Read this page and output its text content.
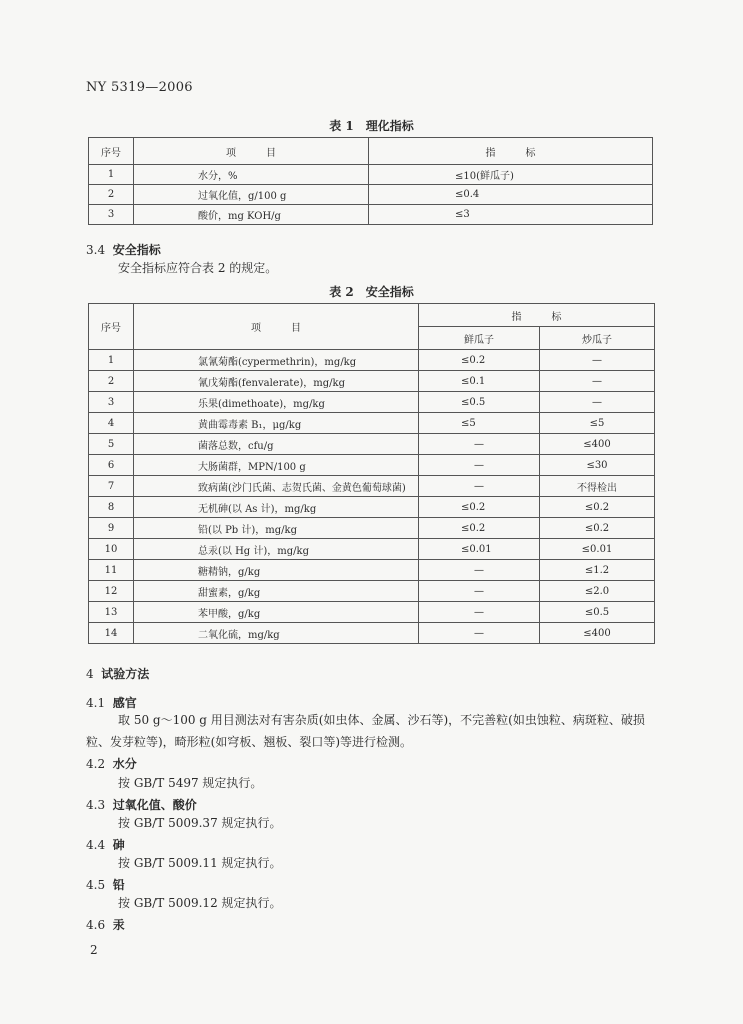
NY 5319—2006
表 1　理化指标
序号	项　　　目	指　　　标
1	水分，%	≤10(鲜瓜子)
2	过氧化值，g/100 g	≤0.4
3	酸价，mg KOH/g	≤3
3.4 安全指标
安全指标应符合表 2 的规定。
表 2　安全指标
序号	项　　　目	指　　　标	
		鲜瓜子	炒瓜子
1	氯氰菊酯(cypermethrin)，mg/kg	≤0.2	—
2	氰戊菊酯(fenvalerate)，mg/kg	≤0.1	—
3	乐果(dimethoate)，mg/kg	≤0.5	—
4	黄曲霉毒素 B₁，μg/kg	≤5	≤5
5	菌落总数，cfu/g	—	≤400
6	大肠菌群，MPN/100 g	—	≤30
7	致病菌(沙门氏菌、志贺氏菌、金黄色葡萄球菌)	—	不得检出
8	无机砷(以 As 计)，mg/kg	≤0.2	≤0.2
9	铅(以 Pb 计)，mg/kg	≤0.2	≤0.2
10	总汞(以 Hg 计)，mg/kg	≤0.01	≤0.01
11	糖精钠，g/kg	—	≤1.2
12	甜蜜素，g/kg	—	≤2.0
13	苯甲酸，g/kg	—	≤0.5
14	二氧化硫，mg/kg	—	≤400
4 试验方法
4.1 感官
取 50 g～100 g 用目测法对有害杂质(如虫体、金属、沙石等)，不完善粒(如虫蚀粒、病斑粒、破损粒、发芽粒等)，畸形粒(如穹板、翘板、裂口等)等进行检测。
4.2 水分
按 GB/T 5497 规定执行。
4.3 过氧化值、酸价
按 GB/T 5009.37 规定执行。
4.4 砷
按 GB/T 5009.11 规定执行。
4.5 铅
按 GB/T 5009.12 规定执行。
4.6 汞
2
